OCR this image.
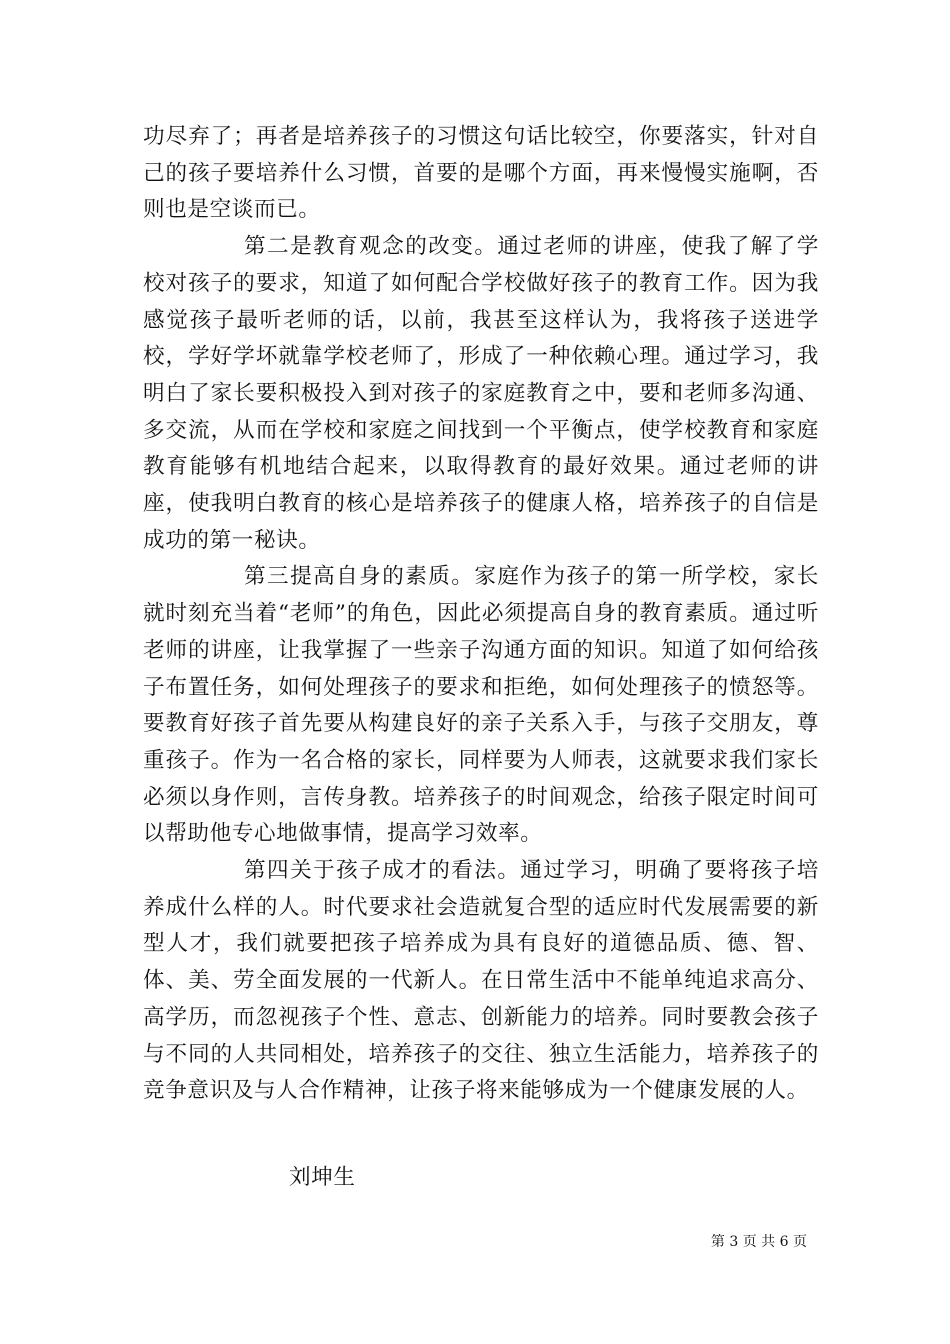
功尽弃了；再者是培养孩子的习惯这句话比较空，你要落实，针对自己的孩子要培养什么习惯，首要的是哪个方面，再来慢慢实施啊，否则也是空谈而已。

第二是教育观念的改变。通过老师的讲座，使我了解了学校对孩子的要求，知道了如何配合学校做好孩子的教育工作。因为我感觉孩子最听老师的话，以前，我甚至这样认为，我将孩子送进学校，学好学坏就靠学校老师了，形成了一种依赖心理。通过学习，我明白了家长要积极投入到对孩子的家庭教育之中，要和老师多沟通、多交流，从而在学校和家庭之间找到一个平衡点，使学校教育和家庭教育能够有机地结合起来，以取得教育的最好效果。通过老师的讲座，使我明白教育的核心是培养孩子的健康人格，培养孩子的自信是成功的第一秘诀。

第三提高自身的素质。家庭作为孩子的第一所学校，家长就时刻充当着“老师”的角色，因此必须提高自身的教育素质。通过听老师的讲座，让我掌握了一些亲子沟通方面的知识。知道了如何给孩子布置任务，如何处理孩子的要求和拒绝，如何处理孩子的愤怒等。要教育好孩子首先要从构建良好的亲子关系入手，与孩子交朋友，尊重孩子。作为一名合格的家长，同样要为人师表，这就要求我们家长必须以身作则，言传身教。培养孩子的时间观念，给孩子限定时间可以帮助他专心地做事情，提高学习效率。

第四关于孩子成才的看法。通过学习，明确了要将孩子培养成什么样的人。时代要求社会造就复合型的适应时代发展需要的新型人才，我们就要把孩子培养成为具有良好的道德品质、德、智、体、美、劳全面发展的一代新人。在日常生活中不能单纯追求高分、高学历，而忽视孩子个性、意志、创新能力的培养。同时要教会孩子与不同的人共同相处，培养孩子的交往、独立生活能力，培养孩子的竞争意识及与人合作精神，让孩子将来能够成为一个健康发展的人。

刘坤生
第 3 页 共 6 页
